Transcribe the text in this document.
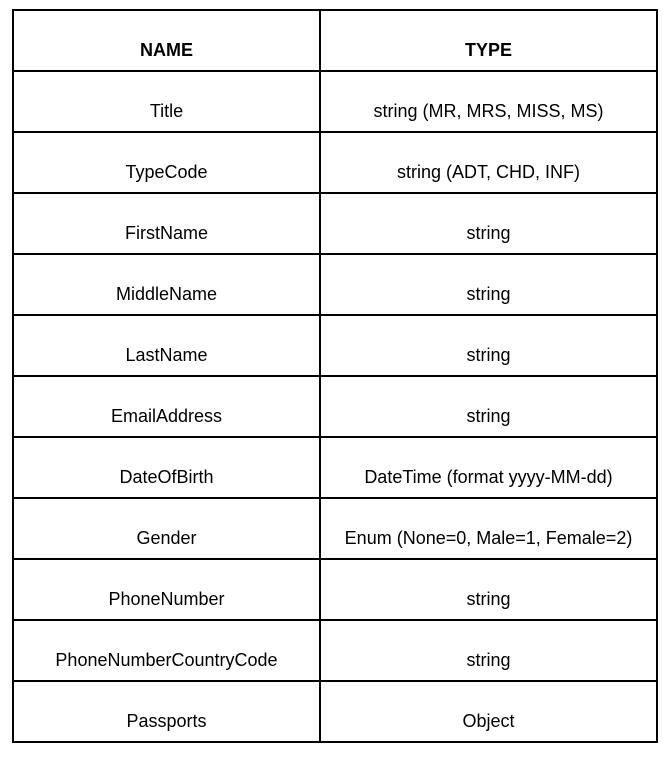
NAME	TYPE
Title	string (MR, MRS, MISS, MS)
TypeCode	string (ADT, CHD, INF)
FirstName	string
MiddleName	string
LastName	string
EmailAddress	string
DateOfBirth	DateTime (format yyyy-MM-dd)
Gender	Enum (None=0, Male=1, Female=2)
PhoneNumber	string
PhoneNumberCountryCode	string
Passports	Object
